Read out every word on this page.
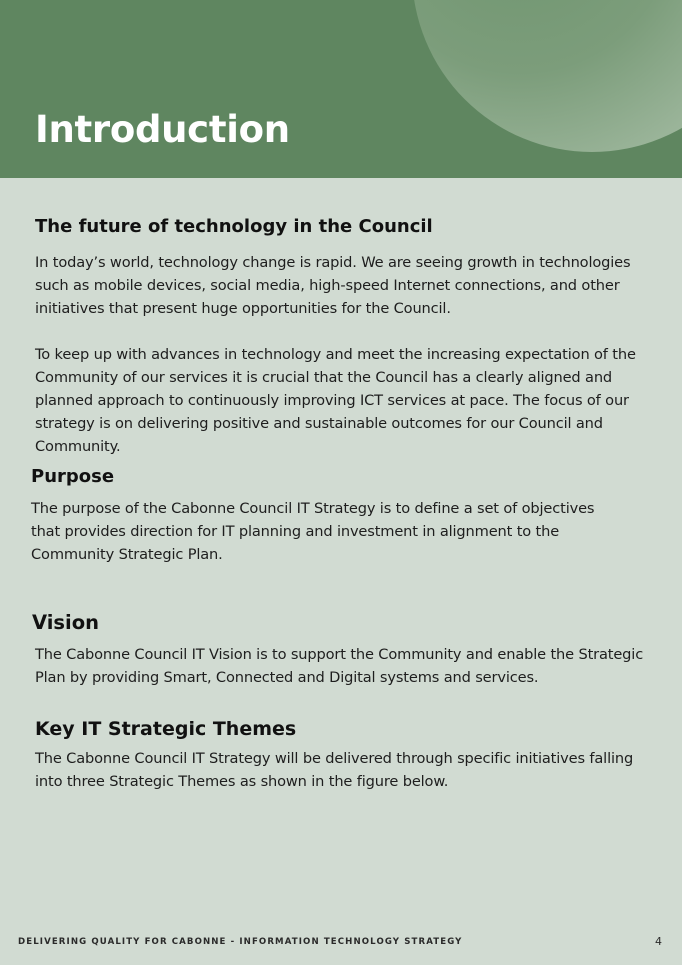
Introduction
The future of technology in the Council

In today’s world, technology change is rapid. We are seeing growth in technologies such as mobile devices, social media, high-speed Internet connections, and other initiatives that present huge opportunities for the Council.

To keep up with advances in technology and meet the increasing expectation of the Community of our services it is crucial that the Council has a clearly aligned and planned approach to continuously improving ICT services at pace. The focus of our strategy is on delivering positive and sustainable outcomes for our Council and Community.

Purpose

The purpose of the Cabonne Council IT Strategy is to define a set of objectives that provides direction for IT planning and investment in alignment to the Community Strategic Plan.

Vision

The Cabonne Council IT Vision is to support the Community and enable the Strategic Plan by providing Smart, Connected and Digital systems and services.

Key IT Strategic Themes

The Cabonne Council IT Strategy will be delivered through specific initiatives falling into three Strategic Themes as shown in the figure below.

DELIVERING QUALITY FOR CABONNE - INFORMATION TECHNOLOGY STRATEGY	4
